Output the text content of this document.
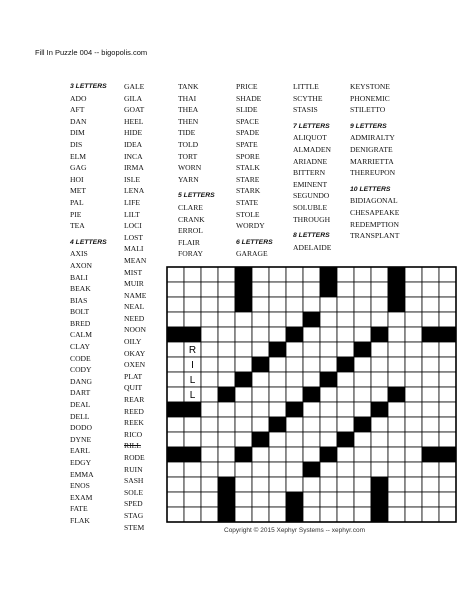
Fill In Puzzle 004 -- bigopolis.com
3 LETTERS
ADO
AFT
DAN
DIM
DIS
ELM
GAG
HOI
MET
PAL
PIE
TEA
4 LETTERS
AXIS
AXON
BALI
BEAK
BIAS
BOLT
BRED
CALM
CLAY
CODE
CODY
DANG
DART
DEAL
DELL
DODO
DYNE
EARL
EDGY
EMMA
ENOS
EXAM
FATE
FLAK
GALE
GILA
GOAT
HEEL
HIDE
IDEA
INCA
IRMA
ISLE
LENA
LIFE
LILT
LOCI
LOST
MALI
MEAN
MIST
MUIR
NAME
NEAL
NEED
NOON
OILY
OKAY
OXEN
PLAT
QUIT
REAR
REED
REEK
RICO
RILL
RODE
RUIN
SASH
SOLE
SPED
STAG
STEM
TANK
THAI
THEA
THEN
TIDE
TOLD
TORT
WORN
YARN
5 LETTERS
CLARE
CRANK
ERROL
FLAIR
FORAY
PRICE
SHADE
SLIDE
SPACE
SPADE
SPATE
SPORE
STALK
STARE
STARK
STATE
STOLE
WORDY
6 LETTERS
GARAGE
LITTLE
SCYTHE
STASIS
7 LETTERS
ALIQUOT
ALMADEN
ARIADNE
BITTERN
EMINENT
SEGUNDO
SOLUBLE
THROUGH
8 LETTERS
ADELAIDE
KEYSTONE
PHONEMIC
STILETTO
9 LETTERS
ADMIRALTY
DENIGRATE
MARRIETTA
THEREUPON
10 LETTERS
BIDIAGONAL
CHESAPEAKE
REDEMPTION
TRANSPLANT
R
I
L
L
Copyright © 2015 Xephyr Systems -- xephyr.com
